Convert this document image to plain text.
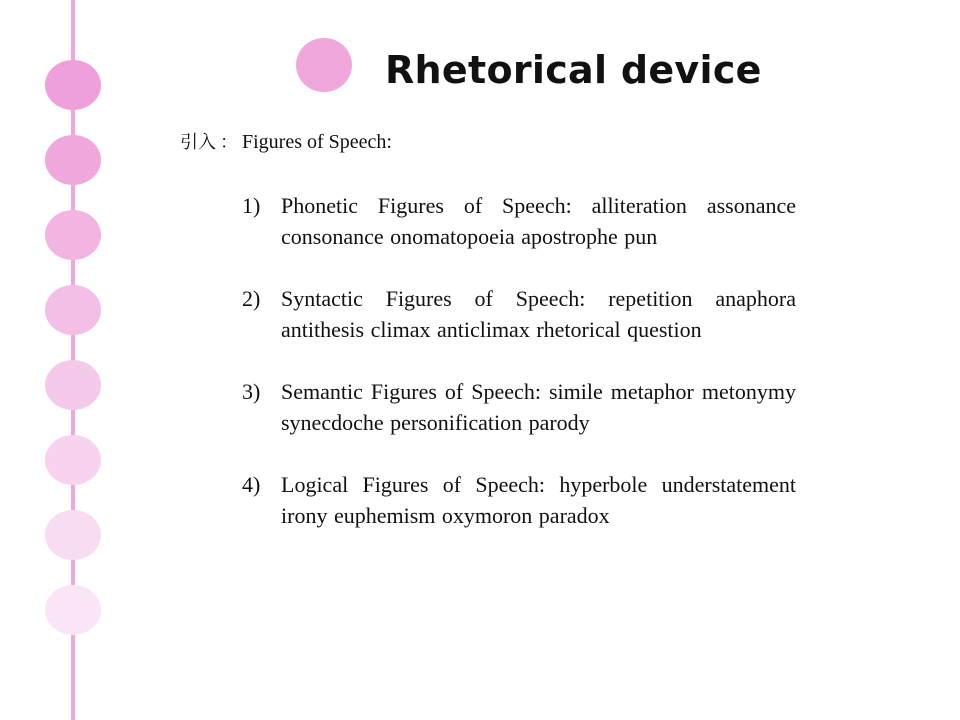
Rhetorical device
引入 ： Figures of Speech:
1) Phonetic Figures of Speech: alliteration assonance consonance onomatopoeia apostrophe pun
2) Syntactic Figures of Speech: repetition anaphora antithesis climax anticlimax rhetorical question
3) Semantic Figures of Speech: simile metaphor metonymy synecdoche personification parody
4) Logical Figures of Speech: hyperbole understatement irony euphemism oxymoron paradox
